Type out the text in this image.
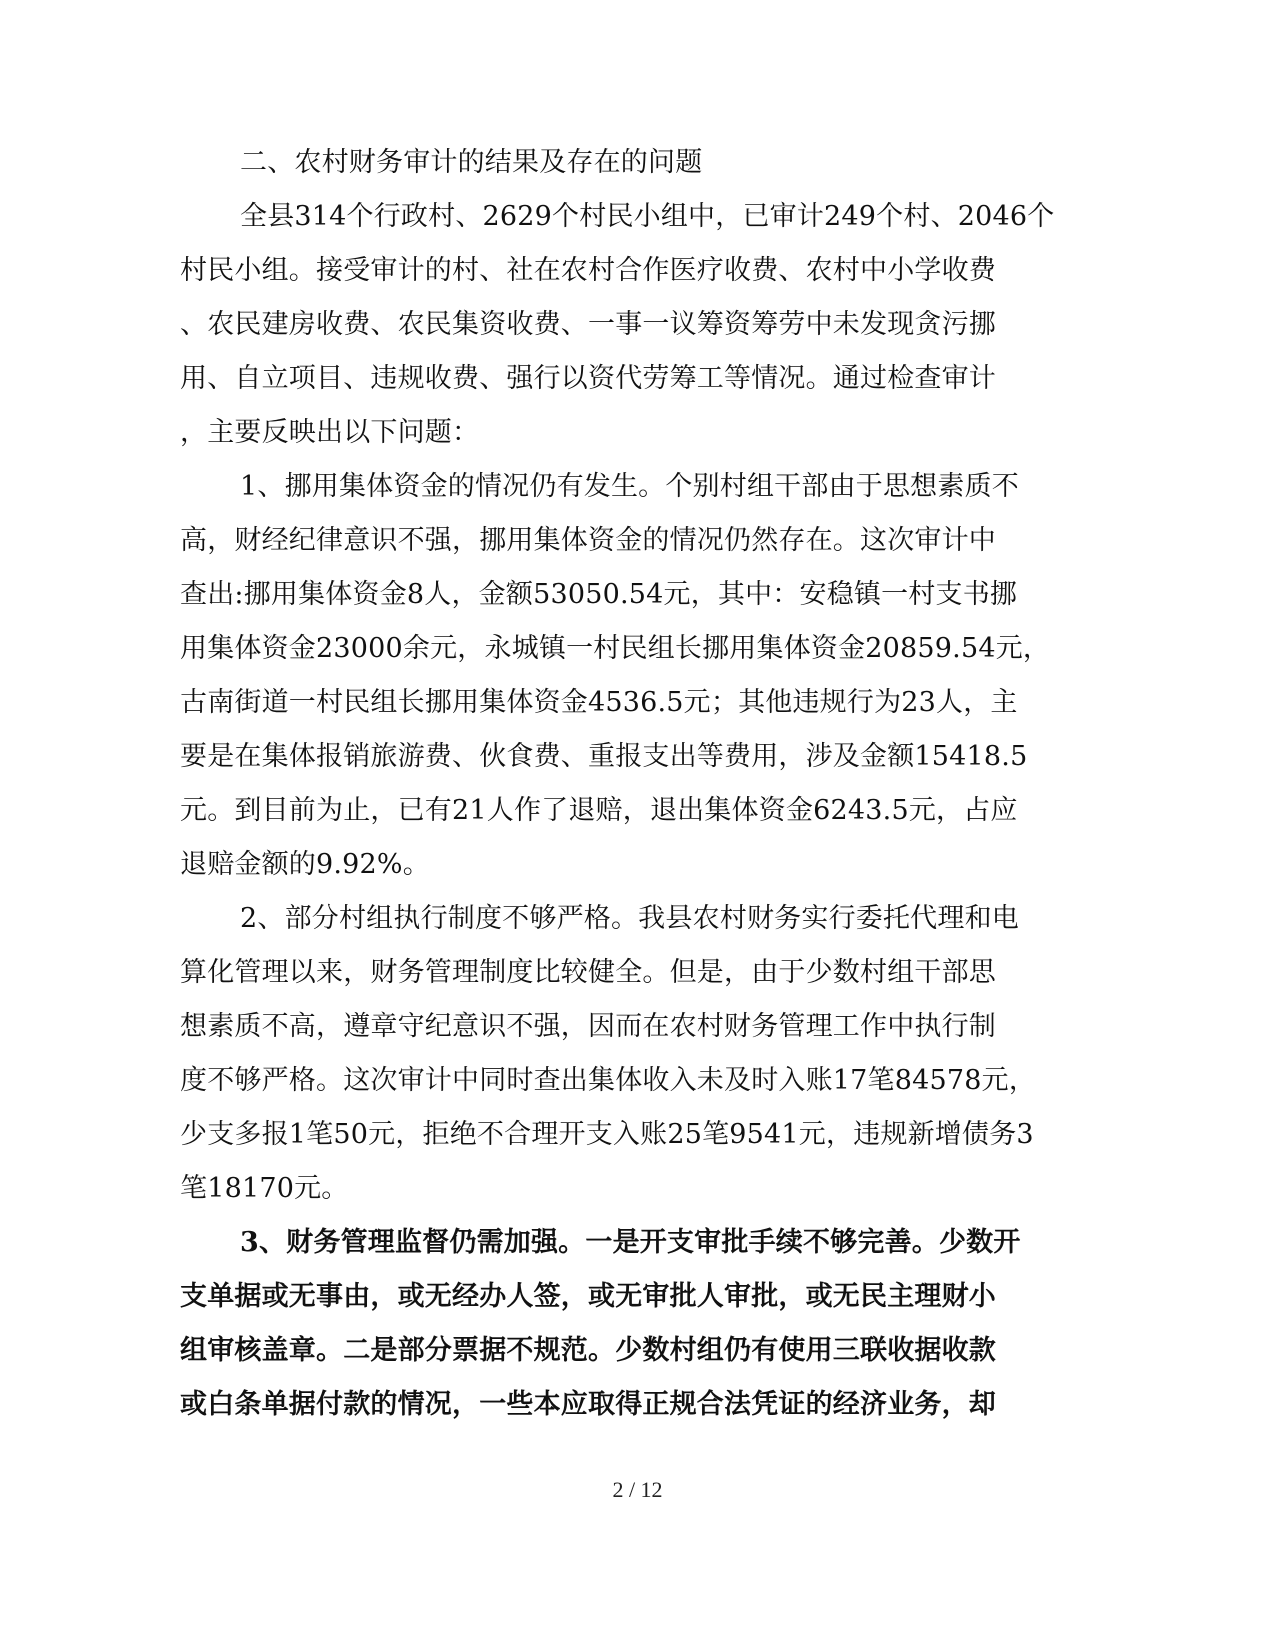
二、农村财务审计的结果及存在的问题
全县314个行政村、2629个村民小组中，已审计249个村、2046个
村民小组。接受审计的村、社在农村合作医疗收费、农村中小学收费
、农民建房收费、农民集资收费、一事一议筹资筹劳中未发现贪污挪
用、自立项目、违规收费、强行以资代劳筹工等情况。通过检查审计
，主要反映出以下问题：
1、挪用集体资金的情况仍有发生。个别村组干部由于思想素质不
高，财经纪律意识不强，挪用集体资金的情况仍然存在。这次审计中
查出:挪用集体资金8人，金额53050.54元，其中：安稳镇一村支书挪
用集体资金23000余元，永城镇一村民组长挪用集体资金20859.54元，
古南街道一村民组长挪用集体资金4536.5元；其他违规行为23人，主
要是在集体报销旅游费、伙食费、重报支出等费用，涉及金额15418.5
元。到目前为止，已有21人作了退赔，退出集体资金6243.5元，占应
退赔金额的9.92%。
2、部分村组执行制度不够严格。我县农村财务实行委托代理和电
算化管理以来，财务管理制度比较健全。但是，由于少数村组干部思
想素质不高，遵章守纪意识不强，因而在农村财务管理工作中执行制
度不够严格。这次审计中同时查出集体收入未及时入账17笔84578元，
少支多报1笔50元，拒绝不合理开支入账25笔9541元，违规新增债务3
笔18170元。
3、财务管理监督仍需加强。一是开支审批手续不够完善。少数开
支单据或无事由，或无经办人签，或无审批人审批，或无民主理财小
组审核盖章。二是部分票据不规范。少数村组仍有使用三联收据收款
或白条单据付款的情况，一些本应取得正规合法凭证的经济业务，却
2 / 12
